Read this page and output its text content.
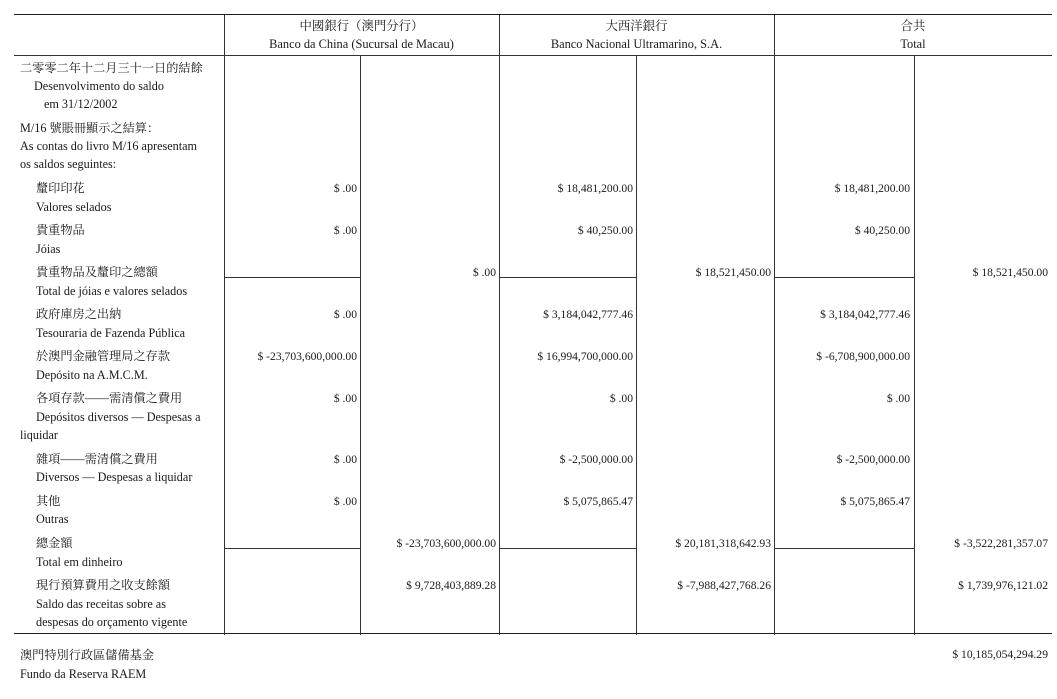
中國銀行（澳門分行）
Banco da China (Sucursal de Macau)
大西洋銀行
Banco Nacional Ultramarino, S.A.
合共
Total
二零零二年十二月三十一日的結餘
Desenvolvimento do saldo
em 31/12/2002
M/16 號賬冊顯示之結算：
As contas do livro M/16 apresentam
os saldos seguintes:
釐印印花
Valores selados
貴重物品
Jóias
貴重物品及釐印之總額
Total de jóias e valores selados
政府庫房之出納
Tesouraria de Fazenda Pública
於澳門金融管理局之存款
Depósito na A.M.C.M.
各項存款——需清償之費用
Depósitos diversos — Despesas a
liquidar
雜項——需清償之費用
Diversos — Despesas a liquidar
其他
Outras
總金額
Total em dinheiro
現行預算費用之收支餘額
Saldo das receitas sobre as
despesas do orçamento vigente
$ .00
$ .00
$ .00
$ -23,703,600,000.00
$ .00
$ .00
$ .00
$ .00
$ -23,703,600,000.00
$ 9,728,403,889.28
$ 18,481,200.00
$ 40,250.00
$ 3,184,042,777.46
$ 16,994,700,000.00
$ .00
$ -2,500,000.00
$ 5,075,865.47
$ 18,521,450.00
$ 20,181,318,642.93
$ -7,988,427,768.26
$ 18,481,200.00
$ 40,250.00
$ 3,184,042,777.46
$ -6,708,900,000.00
$ .00
$ -2,500,000.00
$ 5,075,865.47
$ 18,521,450.00
$ -3,522,281,357.07
$ 1,739,976,121.02
澳門特別行政區儲備基金
Fundo da Reserva RAEM
$ 10,185,054,294.29
